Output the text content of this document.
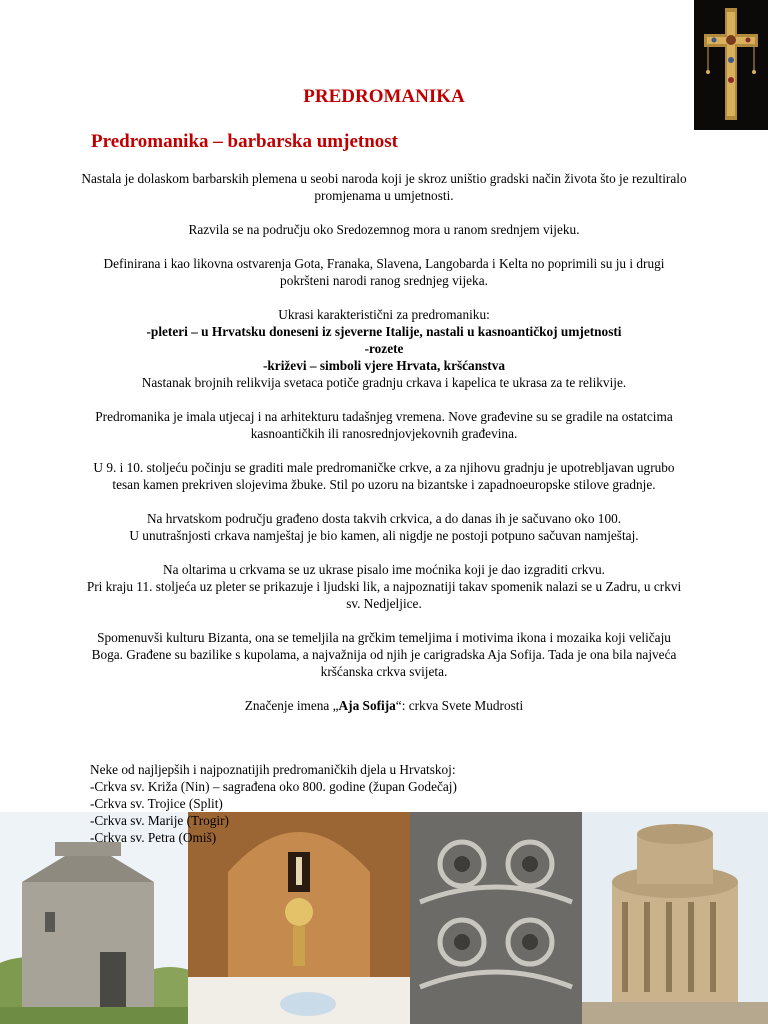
PREDROMANIKA
Predromanika – barbarska umjetnost

Nastala je dolaskom barbarskih plemena u seobi naroda koji je skroz uništio gradski način života što je rezultiralo promjenama u umjetnosti.

Razvila se na području oko Sredozemnog mora u ranom srednjem vijeku.

Definirana i kao likovna ostvarenja Gota, Franaka, Slavena, Langobarda i Kelta no poprimili su ju i drugi pokršteni narodi ranog srednjeg vijeka.

Ukrasi karakteristični za predromaniku:
-pleteri – u Hrvatsku doneseni iz sjeverne Italije, nastali u kasnoantičkoj umjetnosti
-rozete
-križevi – simboli vjere Hrvata, kršćanstva

Nastanak brojnih relikvija svetaca potiče gradnju crkava i kapelica te ukrasa za te relikvije.

Predromanika je imala utjecaj i na arhitekturu tadašnjeg vremena. Nove građevine su se gradile na ostatcima kasnoantičkih ili ranosrednjovjekovnih građevina.

U 9. i 10. stoljeću počinju se graditi male predromaničke crkve, a za njihovu gradnju je upotrebljavan ugrubo tesan kamen prekriven slojevima žbuke. Stil po uzoru na bizantske i zapadnoeuropske stilove gradnje.

Na hrvatskom području građeno dosta takvih crkvica, a do danas ih je sačuvano oko 100.

U unutrašnjosti crkava namještaj je bio kamen, ali nigdje ne postoji potpuno sačuvan namještaj.

Na oltarima u crkvama se uz ukrase pisalo ime moćnika koji je dao izgraditi crkvu.

Pri kraju 11. stoljeća uz pleter se prikazuje i ljudski lik, a najpoznatiji takav spomenik nalazi se u Zadru, u crkvi sv. Nedjeljice.

Spomenuvši kulturu Bizanta, ona se temeljila na grčkim temeljima i motivima ikona i mozaika koji veličaju Boga. Građene su bazilike s kupolama, a najvažnija od njih je carigradska Aja Sofija. Tada je ona bila najveća kršćanska crkva svijeta.

Značenje imena „Aja Sofija“: crkva Svete Mudrosti

Neke od najljepših i najpoznatijih predromaničkih djela u Hrvatskoj:
-Crkva sv. Križa (Nin) – sagrađena oko 800. godine (župan Godečaj)
-Crkva sv. Trojice (Split)
-Crkva sv. Marije (Trogir)
-Crkva sv. Petra (Omiš)
